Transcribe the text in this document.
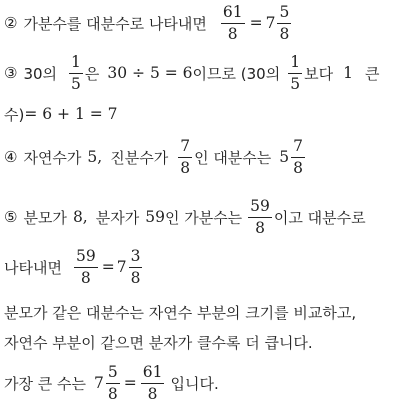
② 가분수를 대분수로 나타내면 $\frac{61}{8} = 7 \frac{5}{8}$
③ 30의 $\frac{1}{5}$ 은 30 ÷ 5 = 6 이므로 (30의 $\frac{1}{5}$ 보다 1 큰
수) = 6 + 1 = 7
④ 자연수가 5, 진분수가 $\frac{7}{8}$ 인 대분수는 $5 \frac{7}{8}$
⑤ 분모가 8, 분자가 59 인 가분수는 $\frac{59}{8}$ 이고 대분수로
나타내면 $\frac{59}{8} = 7 \frac{3}{8}$
분모가 같은 대분수는 자연수 부분의 크기를 비교하고,
자연수 부분이 같으면 분자가 클수록 더 큽니다.
가장 큰 수는 $7 \frac{5}{8} = \frac{61}{8}$ 입니다.
